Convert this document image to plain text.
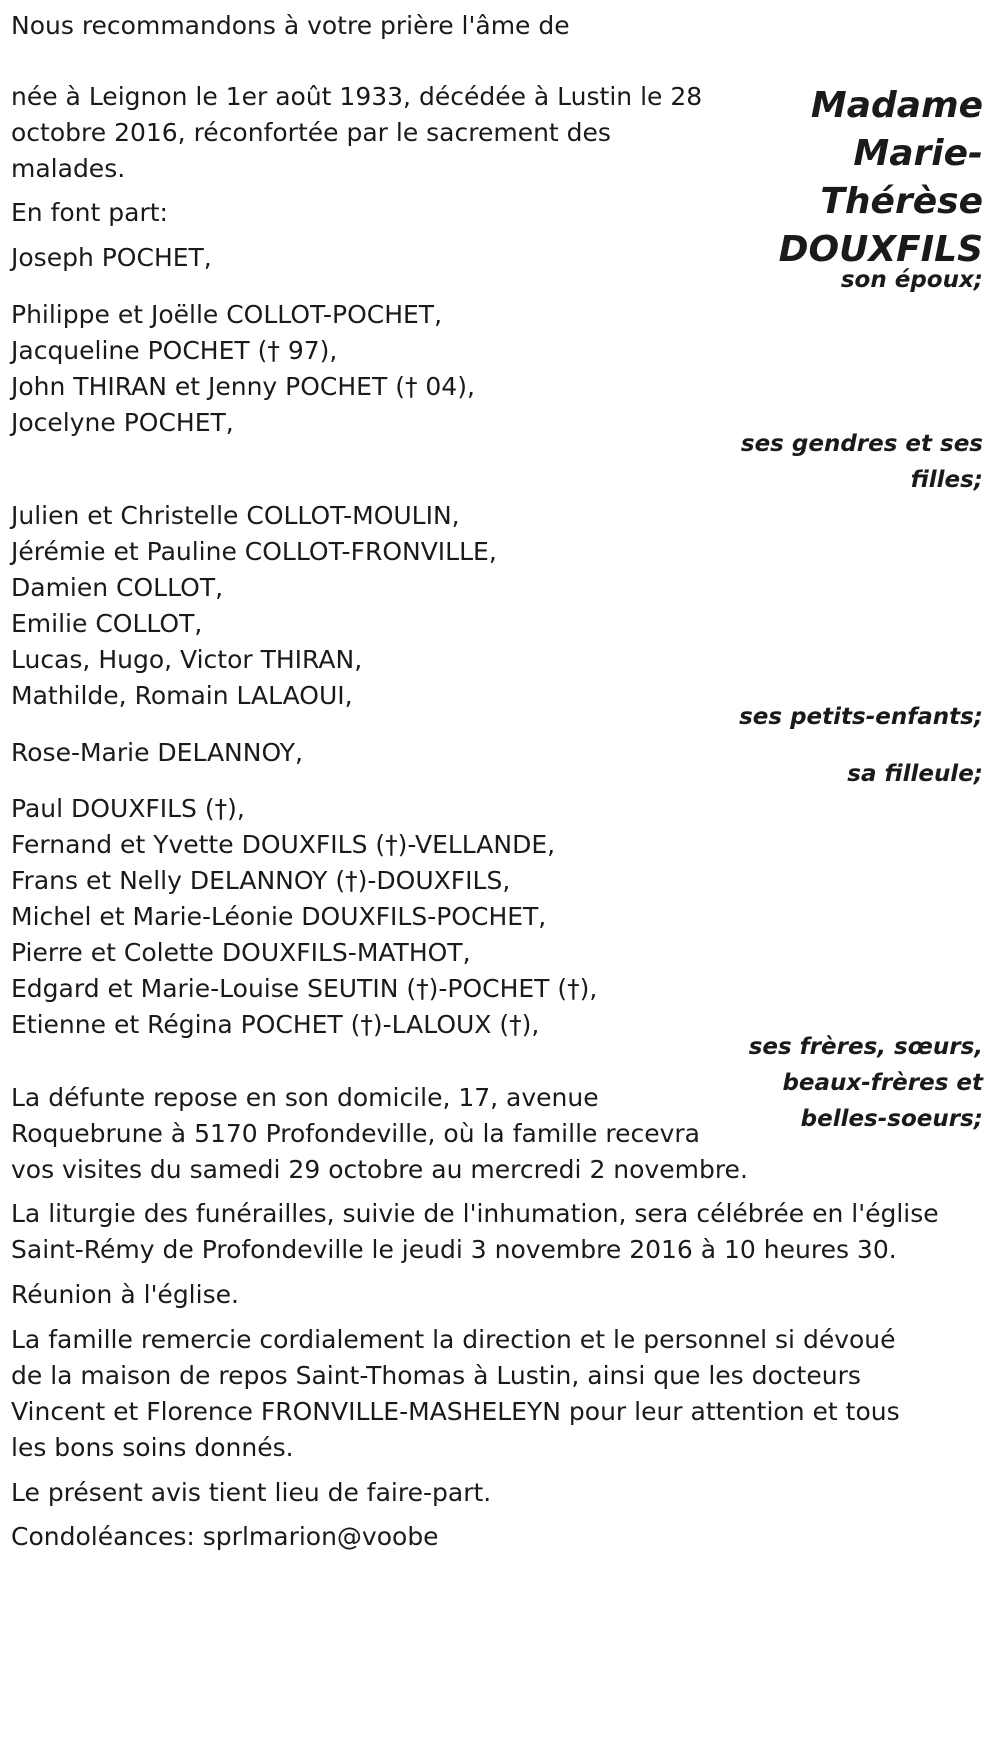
Nous recommandons à votre prière l'âme de

Madame
Marie-
Thérèse
DOUXFILS

née à Leignon le 1er août 1933, décédée à Lustin le 28

octobre 2016, réconfortée par le sacrement des

malades.

En font part:

Joseph POCHET,

son époux;

Philippe et Joëlle COLLOT-POCHET,

Jacqueline POCHET († 97),

John THIRAN et Jenny POCHET († 04),

Jocelyne POCHET,

ses gendres et ses

filles;

Julien et Christelle COLLOT-MOULIN,

Jérémie et Pauline COLLOT-FRONVILLE,

Damien COLLOT,

Emilie COLLOT,

Lucas, Hugo, Victor THIRAN,

Mathilde, Romain LALAOUI,

ses petits-enfants;

Rose-Marie DELANNOY,

sa filleule;

Paul DOUXFILS (†),

Fernand et Yvette DOUXFILS (†)-VELLANDE,

Frans et Nelly DELANNOY (†)-DOUXFILS,

Michel et Marie-Léonie DOUXFILS-POCHET,

Pierre et Colette DOUXFILS-MATHOT,

Edgard et Marie-Louise SEUTIN (†)-POCHET (†),

Etienne et Régina POCHET (†)-LALOUX (†),

ses frères, sœurs,

beaux-frères et

belles-soeurs;

La défunte repose en son domicile, 17, avenue

Roquebrune à 5170 Profondeville, où la famille recevra

vos visites du samedi 29 octobre au mercredi 2 novembre.

La liturgie des funérailles, suivie de l'inhumation, sera célébrée en l'église

Saint-Rémy de Profondeville le jeudi 3 novembre 2016 à 10 heures 30.

Réunion à l'église.

La famille remercie cordialement la direction et le personnel si dévoué

de la maison de repos Saint-Thomas à Lustin, ainsi que les docteurs

Vincent et Florence FRONVILLE-MASHELEYN pour leur attention et tous

les bons soins donnés.

Le présent avis tient lieu de faire-part.

Condoléances: sprlmarion@voobe
